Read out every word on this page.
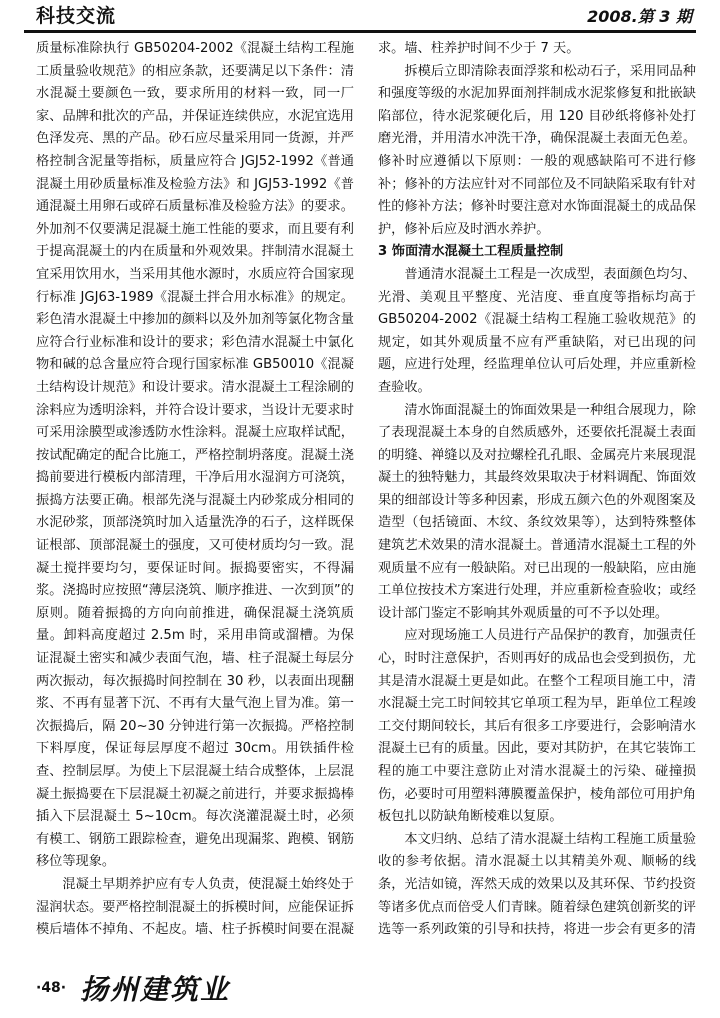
科技交流	2008.第 3 期

质量标准除执行 GB50204-2002《混凝土结构工程施工质量验收规范》的相应条款，还要满足以下条件：清水混凝土要颜色一致，要求所用的材料一致，同一厂家、品牌和批次的产品，并保证连续供应，水泥宜选用色泽发亮、黑的产品。砂石应尽量采用同一货源，并严格控制含泥量等指标，质量应符合 JGJ52-1992《普通混凝土用砂质量标准及检验方法》和 JGJ53-1992《普通混凝土用卵石或碎石质量标准及检验方法》的要求。外加剂不仅要满足混凝土施工性能的要求，而且要有利于提高混凝土的内在质量和外观效果。拌制清水混凝土宜采用饮用水，当采用其他水源时，水质应符合国家现行标准 JGJ63-1989《混凝土拌合用水标准》的规定。彩色清水混凝土中掺加的颜料以及外加剂等氯化物含量应符合行业标准和设计的要求；彩色清水混凝土中氯化物和碱的总含量应符合现行国家标准 GB50010《混凝土结构设计规范》和设计要求。清水混凝土工程涂刷的涂料应为透明涂料，并符合设计要求，当设计无要求时可采用涂膜型或渗透防水性涂料。混凝土应取样试配，按试配确定的配合比施工，严格控制坍落度。混凝土浇捣前要进行模板内部清理，干净后用水湿润方可浇筑，振捣方法要正确。根部先浇与混凝土内砂浆成分相同的水泥砂浆，顶部浇筑时加入适量洗净的石子，这样既保证根部、顶部混凝土的强度，又可使材质均匀一致。混凝土搅拌要均匀，要保证时间。振捣要密实，不得漏浆。浇捣时应按照“薄层浇筑、顺序推进、一次到顶”的原则。随着振捣的方向向前推进，确保混凝土浇筑质量。卸料高度超过 2.5m 时，采用串筒或溜槽。为保证混凝土密实和减少表面气泡，墙、柱子混凝土每层分两次振动，每次振捣时间控制在 30 秒，以表面出现翻浆、不再有显著下沉、不再有大量气泡上冒为准。第一次振捣后，隔 20~30 分钟进行第一次振捣。严格控制下料厚度，保证每层厚度不超过 30cm。用铁插件检查、控制层厚。为使上下层混凝土结合成整体，上层混凝土振捣要在下层混凝土初凝之前进行，并要求振捣棒插入下层混凝土 5~10cm。每次浇灌混凝土时，必须有模工、钢筋工跟踪检查，避免出现漏浆、跑模、钢筋移位等现象。

混凝土早期养护应有专人负责，使混凝土始终处于湿润状态。要严格控制混凝土的拆模时间，应能保证拆模后墙体不掉角、不起皮。墙、柱子拆模时间要在混凝

求。墙、柱养护时间不少于 7 天。

拆模后立即清除表面浮浆和松动石子，采用同品种和强度等级的水泥加界面剂拌制成水泥浆修复和批嵌缺陷部位，待水泥浆硬化后，用 120 目砂纸将修补处打磨光滑，并用清水冲洗干净，确保混凝土表面无色差。修补时应遵循以下原则：一般的观感缺陷可不进行修补；修补的方法应针对不同部位及不同缺陷采取有针对性的修补方法；修补时要注意对水饰面混凝土的成品保护，修补后应及时洒水养护。

3 饰面清水混凝土工程质量控制

普通清水混凝土工程是一次成型，表面颜色均匀、光滑、美观且平整度、光洁度、垂直度等指标均高于 GB50204-2002《混凝土结构工程施工验收规范》的规定，如其外观质量不应有严重缺陷，对已出现的问题，应进行处理，经监理单位认可后处理，并应重新检查验收。

清水饰面混凝土的饰面效果是一种组合展现力，除了表现混凝土本身的自然质感外，还要依托混凝土表面的明缝、禅缝以及对拉螺栓孔孔眼、金属亮片来展现混凝土的独特魅力，其最终效果取决于材料调配、饰面效果的细部设计等多种因素，形成五颜六色的外观图案及造型（包括镜面、木纹、条纹效果等），达到特殊整体建筑艺术效果的清水混凝土。普通清水混凝土工程的外观质量不应有一般缺陷。对已出现的一般缺陷，应由施工单位按技术方案进行处理，并应重新检查验收；或经设计部门鉴定不影响其外观质量的可不予以处理。

应对现场施工人员进行产品保护的教育，加强责任心，时时注意保护，否则再好的成品也会受到损伤，尤其是清水混凝土更是如此。在整个工程项目施工中，清水混凝土完工时间较其它单项工程为早，距单位工程竣工交付期间较长，其后有很多工序要进行，会影响清水混凝土已有的质量。因此，要对其防护，在其它装饰工程的施工中要注意防止对清水混凝土的污染、碰撞损伤，必要时可用塑料薄膜覆盖保护，棱角部位可用护角板包扎以防缺角断棱难以复原。

本文归纳、总结了清水混凝土结构工程施工质量验收的参考依据。清水混凝土以其精美外观、顺畅的线条，光洁如镜，浑然天成的效果以及其环保、节约投资等诸多优点而倍受人们青睐。随着绿色建筑创新奖的评选等一系列政策的引导和扶持，将进一步会有更多的清

·48· 扬州建筑业
